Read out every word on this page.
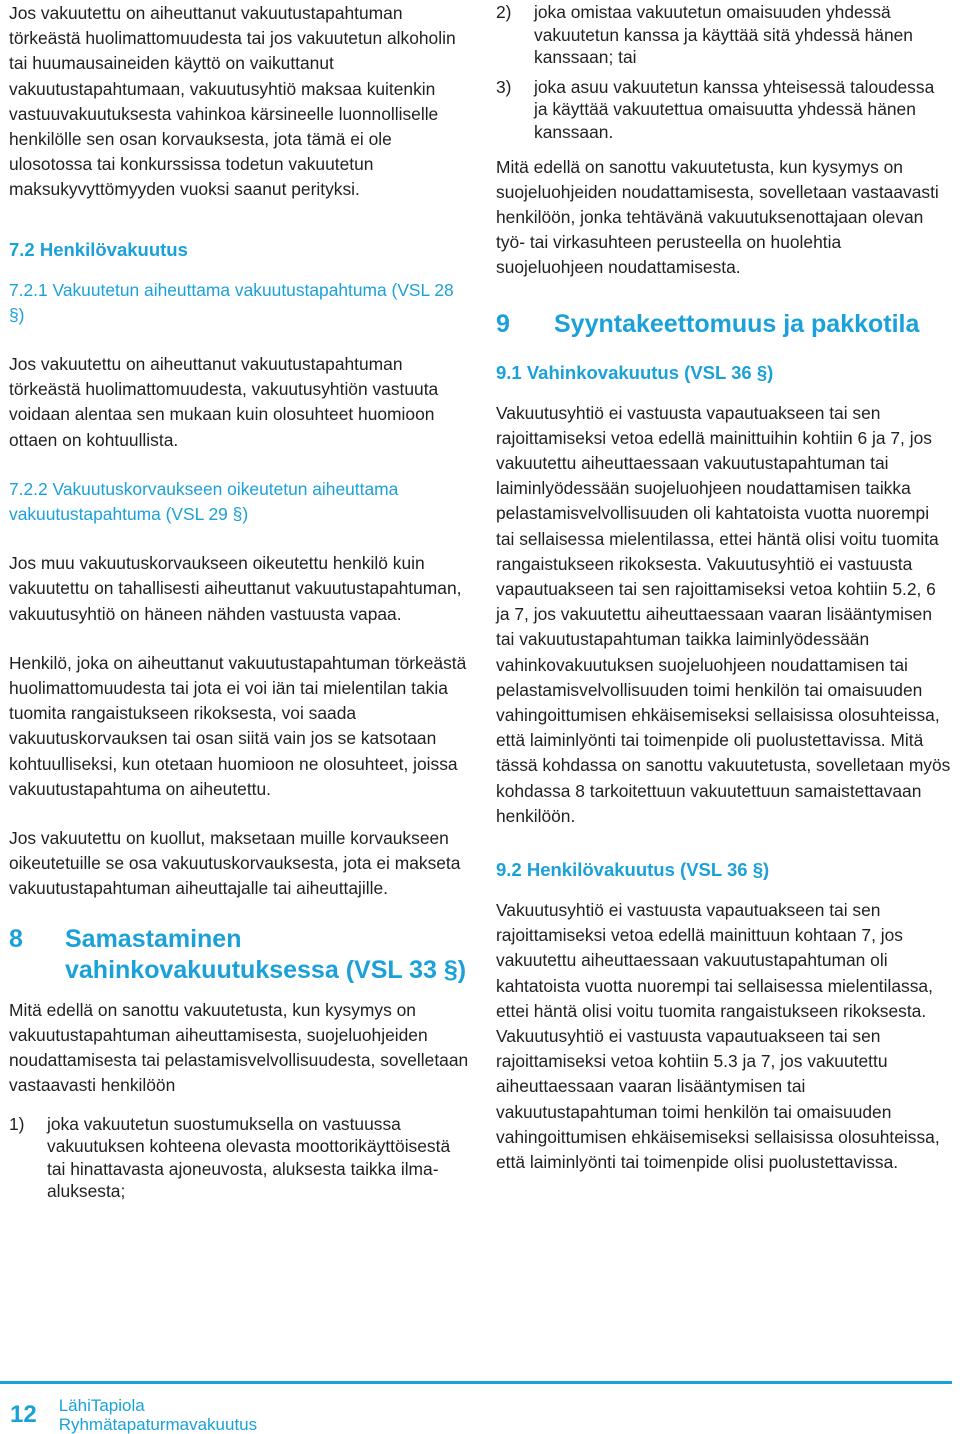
Jos vakuutettu on aiheuttanut vakuutustapahtuman törkeästä huolimattomuudesta tai jos vakuutetun alkoholin tai huumausaineiden käyttö on vaikuttanut vakuutustapahtumaan, vakuutusyhtiö maksaa kuitenkin vastuuvakuutuksesta vahinkoa kärsineelle luonnolliselle henkilölle sen osan korvauksesta, jota tämä ei ole ulosotossa tai konkurssissa todetun vakuutetun maksukyvyttömyyden vuoksi saanut perityksi.

7.2 Henkilövakuutus
7.2.1 Vakuutetun aiheuttama vakuutustapahtuma (VSL 28 §)

Jos vakuutettu on aiheuttanut vakuutustapahtuman törkeästä huolimattomuudesta, vakuutusyhtiön vastuuta voidaan alentaa sen mukaan kuin olosuhteet huomioon ottaen on kohtuullista.

7.2.2 Vakuutuskorvaukseen oikeutetun aiheuttama vakuutustapahtuma (VSL 29 §)

Jos muu vakuutuskorvaukseen oikeutettu henkilö kuin vakuutettu on tahallisesti aiheuttanut vakuutustapahtuman, vakuutusyhtiö on häneen nähden vastuusta vapaa.

Henkilö, joka on aiheuttanut vakuutustapahtuman törkeästä huolimattomuudesta tai jota ei voi iän tai mielentilan takia tuomita rangaistukseen rikoksesta, voi saada vakuutuskorvauksen tai osan siitä vain jos se katsotaan kohtuulliseksi, kun otetaan huomioon ne olosuhteet, joissa vakuutustapahtuma on aiheutettu.

Jos vakuutettu on kuollut, maksetaan muille korvaukseen oikeutetuille se osa vakuutuskorvauksesta, jota ei makseta vakuutustapahtuman aiheuttajalle tai aiheuttajille.

8	Samastaminen vahinkovakuutuksessa (VSL 33 §)

Mitä edellä on sanottu vakuutetusta, kun kysymys on vakuutustapahtuman aiheuttamisesta, suojeluohjeiden noudattamisesta tai pelastamisvelvollisuudesta, sovelletaan vastaavasti henkilöön

1)	joka vakuutetun suostumuksella on vastuussa vakuutuksen kohteena olevasta moottorikäyttöisestä tai hinattavasta ajoneuvosta, aluksesta taikka ilma-aluksesta;
2)	joka omistaa vakuutetun omaisuuden yhdessä vakuutetun kanssa ja käyttää sitä yhdessä hänen kanssaan; tai
3)	joka asuu vakuutetun kanssa yhteisessä taloudessa ja käyttää vakuutettua omaisuutta yhdessä hänen kanssaan.

Mitä edellä on sanottu vakuutetusta, kun kysymys on suojeluohjeiden noudattamisesta, sovelletaan vastaavasti henkilöön, jonka tehtävänä vakuutuksenottajaan olevan työ- tai virkasuhteen perusteella on huolehtia suojeluohjeen noudattamisesta.

9	Syyntakeettomuus ja pakkotila
9.1 Vahinkovakuutus (VSL 36 §)

Vakuutusyhtiö ei vastuusta vapautuakseen tai sen rajoittamiseksi vetoa edellä mainittuihin kohtiin 6 ja 7, jos vakuutettu aiheuttaessaan vakuutustapahtuman tai laiminlyödessään suojeluohjeen noudattamisen taikka pelastamisvelvollisuuden oli kahtatoista vuotta nuorempi tai sellaisessa mielentilassa, ettei häntä olisi voitu tuomita rangaistukseen rikoksesta. Vakuutusyhtiö ei vastuusta vapautuakseen tai sen rajoittamiseksi vetoa kohtiin 5.2, 6 ja 7, jos vakuutettu aiheuttaessaan vaaran lisääntymisen tai vakuutustapahtuman taikka laiminlyödessään vahinkovakuutuksen suojeluohjeen noudattamisen tai pelastamisvelvollisuuden toimi henkilön tai omaisuuden vahingoittumisen ehkäisemiseksi sellaisissa olosuhteissa, että laiminlyönti tai toimenpide oli puolustettavissa. Mitä tässä kohdassa on sanottu vakuutetusta, sovelletaan myös kohdassa 8 tarkoitettuun vakuutettuun samaistettavaan henkilöön.

9.2 Henkilövakuutus (VSL 36 §)

Vakuutusyhtiö ei vastuusta vapautuakseen tai sen rajoittamiseksi vetoa edellä mainittuun kohtaan 7, jos vakuutettu aiheuttaessaan vakuutustapahtuman oli kahtatoista vuotta nuorempi tai sellaisessa mielentilassa, ettei häntä olisi voitu tuomita rangaistukseen rikoksesta. Vakuutusyhtiö ei vastuusta vapautuakseen tai sen rajoittamiseksi vetoa kohtiin 5.3 ja 7, jos vakuutettu aiheuttaessaan vaaran lisääntymisen tai vakuutustapahtuman toimi henkilön tai omaisuuden vahingoittumisen ehkäisemiseksi sellaisissa olosuhteissa, että laiminlyönti tai toimenpide olisi puolustettavissa.

12 LähiTapiola
Ryhmätapaturmavakuutus
